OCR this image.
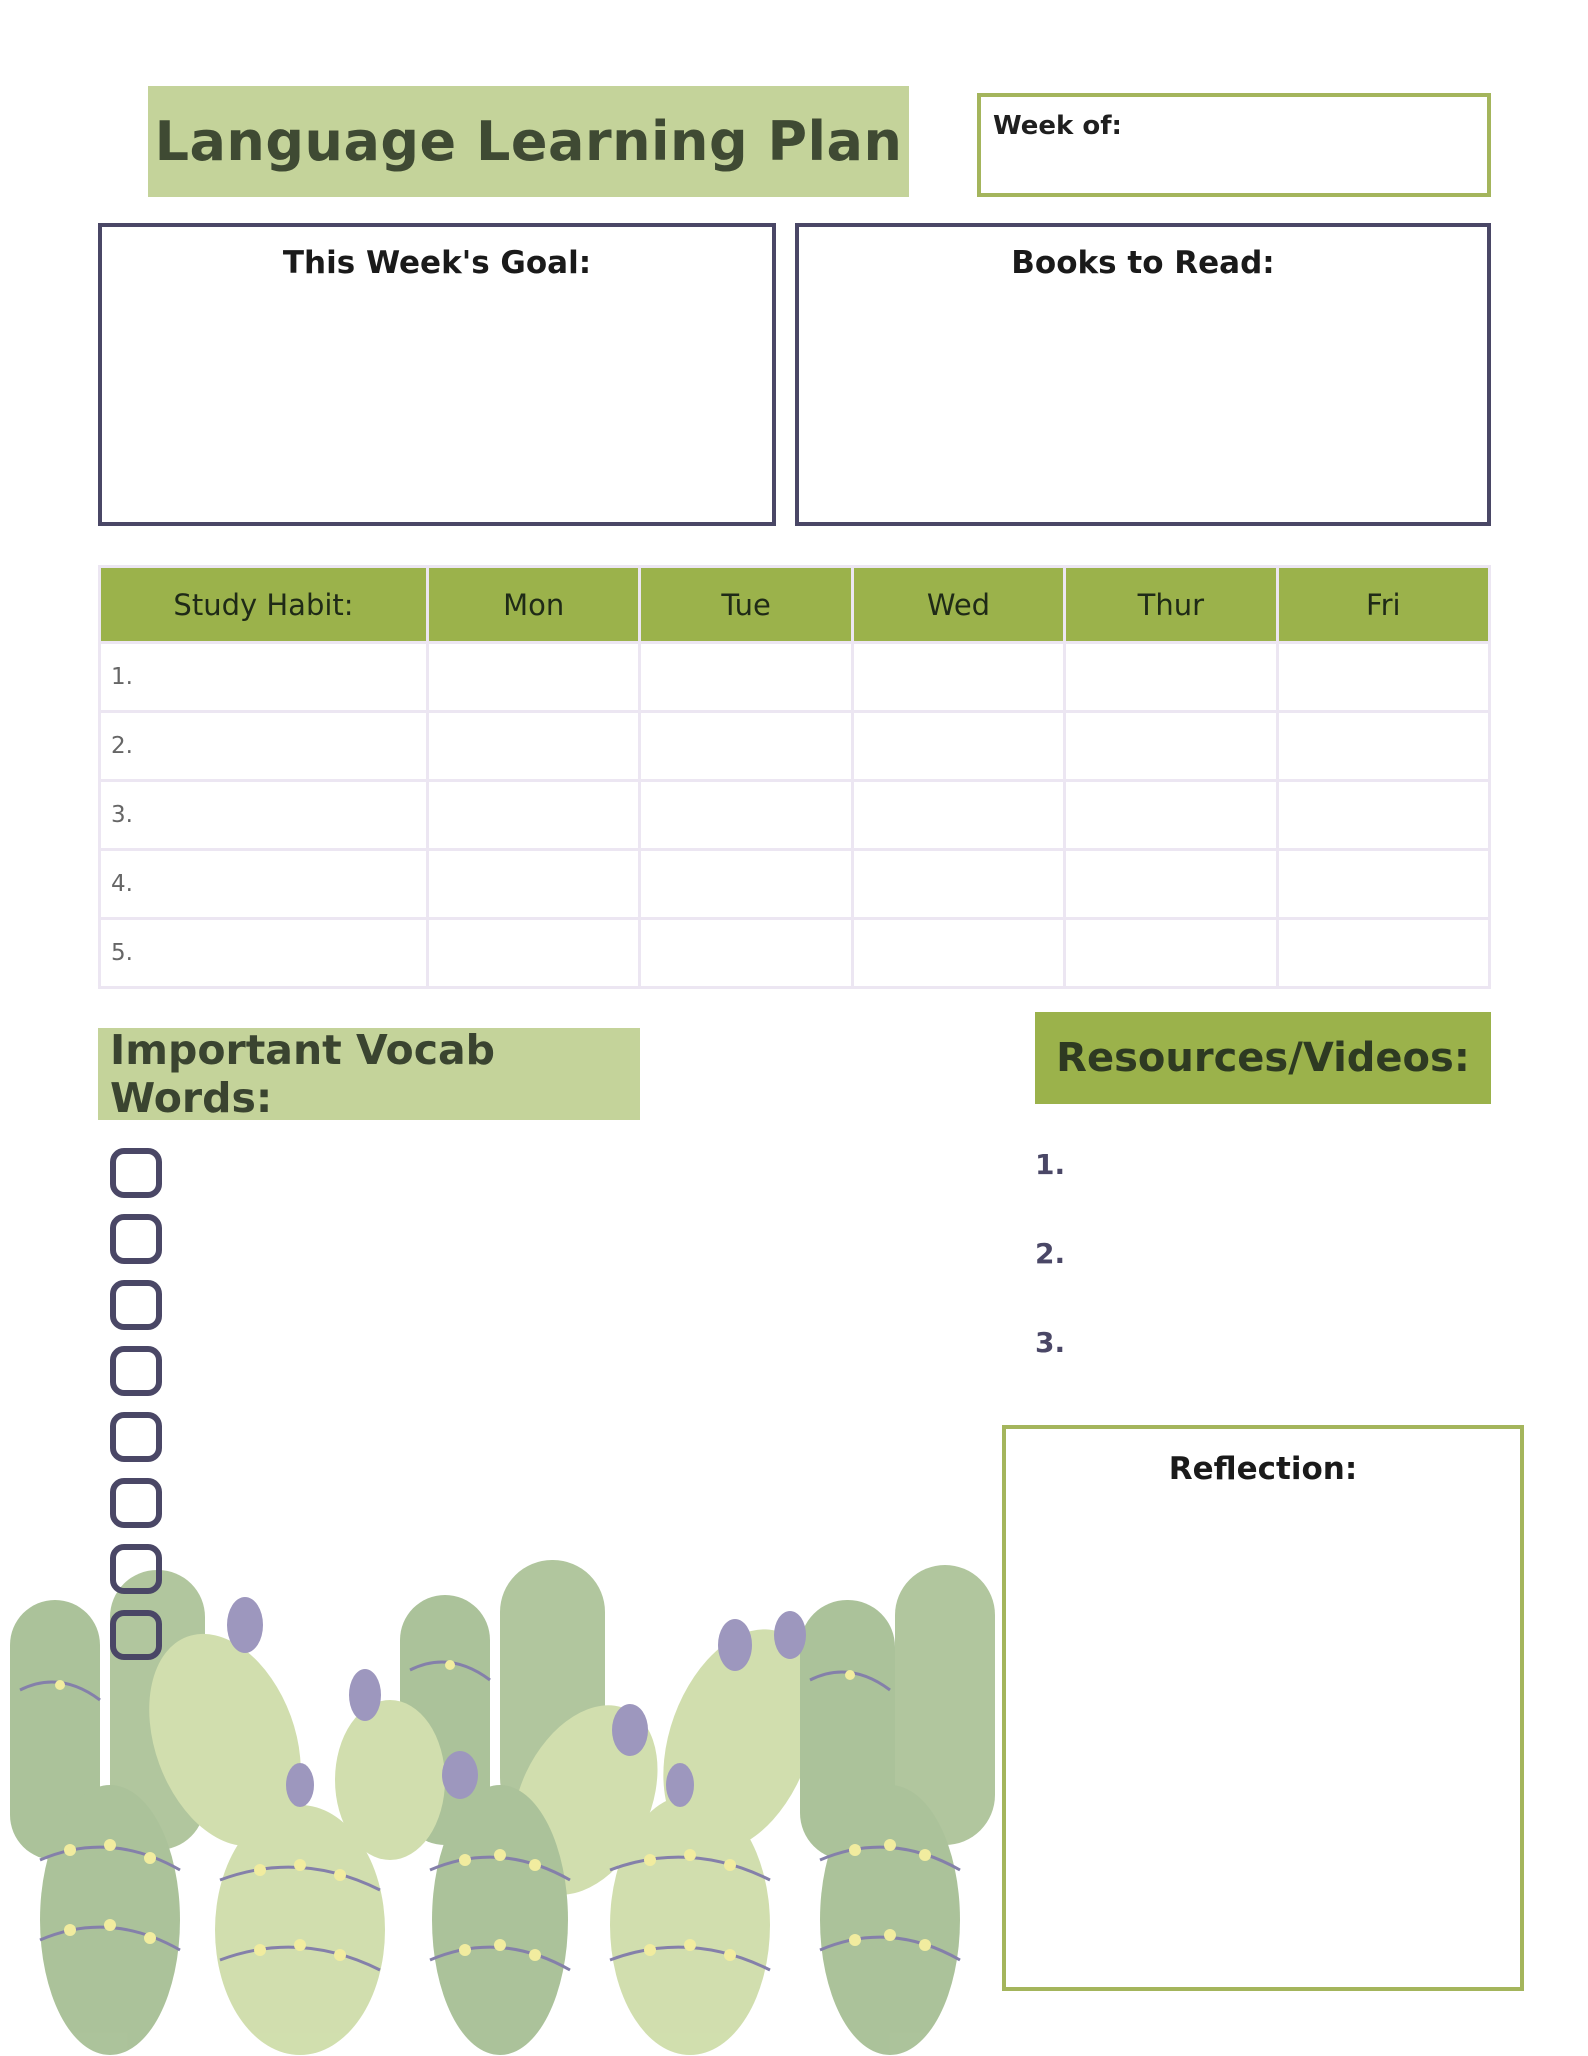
Language Learning Plan	Week of:
This Week's Goal:	Books to Read:
Study Habit:	Mon	Tue	Wed	Thur	Fri
1.					
2.					
3.					
4.					
5.					
Important Vocab Words:
Resources/Videos:
1.
2.
3.
Reflection:
